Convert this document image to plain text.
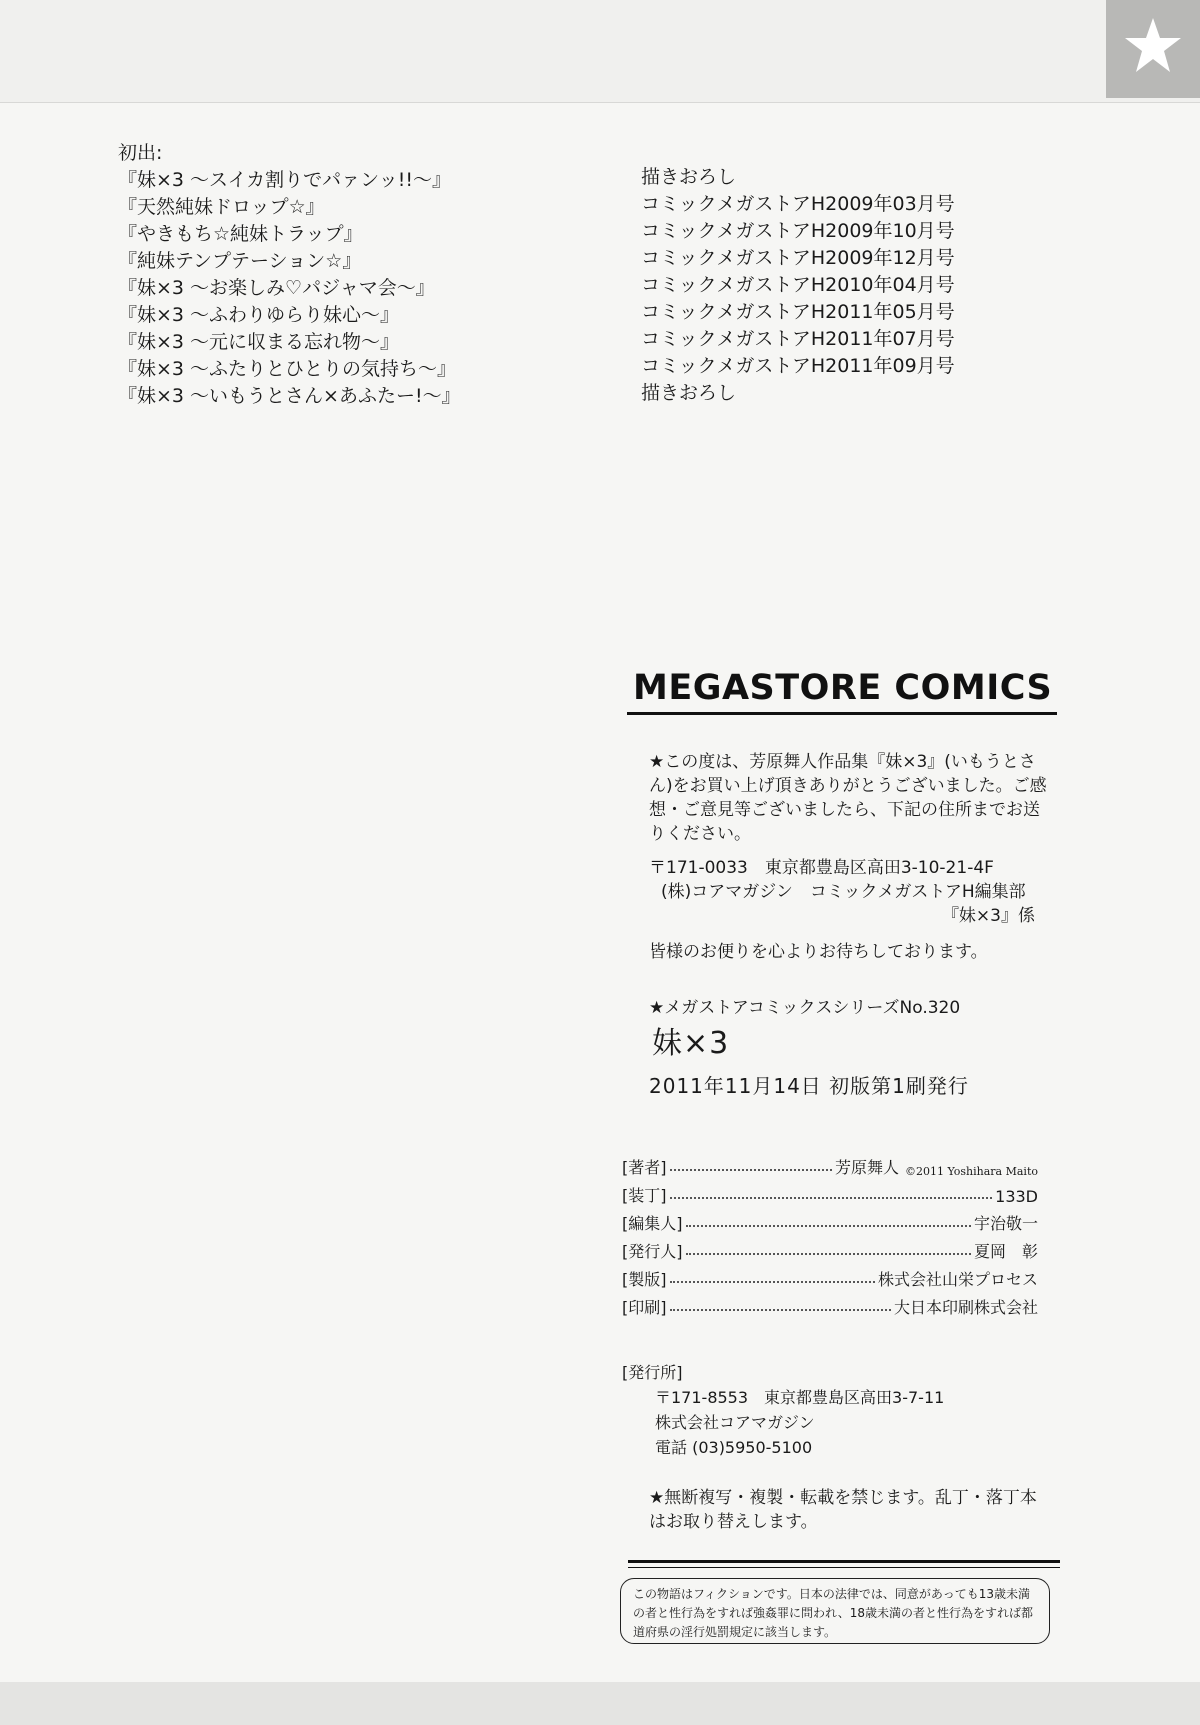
初出:
『妹×3 ～スイカ割りでパァンッ!!～』
『天然純妹ドロップ☆』
『やきもち☆純妹トラップ』
『純妹テンプテーション☆』
『妹×3 ～お楽しみ♡パジャマ会～』
『妹×3 ～ふわりゆらり妹心～』
『妹×3 ～元に収まる忘れ物～』
『妹×3 ～ふたりとひとりの気持ち～』
『妹×3 ～いもうとさん×あふたー!～』
描きおろし
コミックメガストアH2009年03月号
コミックメガストアH2009年10月号
コミックメガストアH2009年12月号
コミックメガストアH2010年04月号
コミックメガストアH2011年05月号
コミックメガストアH2011年07月号
コミックメガストアH2011年09月号
描きおろし
MEGASTORE COMICS
★この度は、芳原舞人作品集『妹×3』(いもうとさん)をお買い上げ頂きありがとうございました。ご感想・ご意見等ございましたら、下記の住所までお送りください。
〒171-0033　東京都豊島区高田3-10-21-4F
(株)コアマガジン　コミックメガストアH編集部
『妹×3』係
皆様のお便りを心よりお待ちしております。
★メガストアコミックスシリーズNo.320
妹×3
2011年11月14日 初版第1刷発行
[著者]	芳原舞人 ©2011 Yoshihara Maito
[装丁]	133D
[編集人]	宇治敬一
[発行人]	夏岡　彰
[製版]	株式会社山栄プロセス
[印刷]	大日本印刷株式会社
[発行所]
〒171-8553　東京都豊島区高田3-7-11
株式会社コアマガジン
電話 (03)5950-5100
★無断複写・複製・転載を禁じます。乱丁・落丁本はお取り替えします。
この物語はフィクションです。日本の法律では、同意があっても13歳未満の者と性行為をすれば強姦罪に問われ、18歳未満の者と性行為をすれば都道府県の淫行処罰規定に該当します。
